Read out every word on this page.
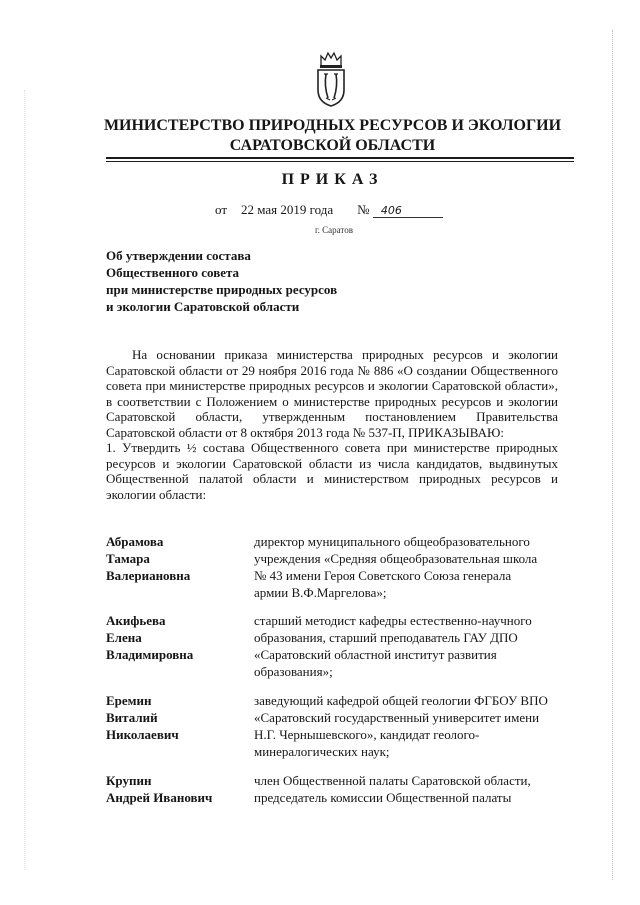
МИНИСТЕРСТВО ПРИРОДНЫХ РЕСУРСОВ И ЭКОЛОГИИ
САРАТОВСКОЙ ОБЛАСТИ
ПРИКАЗ
от 22 мая 2019 года № 406
г. Саратов
Об утверждении состава
Общественного совета
при министерстве природных ресурсов
и экологии Саратовской области

На основании приказа министерства природных ресурсов и экологии Саратовской области от 29 ноября 2016 года № 886 «О создании Общественного совета при министерстве природных ресурсов и экологии Саратовской области», в соответствии с Положением о министерстве природных ресурсов и экологии Саратовской области, утвержденным постановлением Правительства Саратовской области от 8 октября 2013 года № 537-П, ПРИКАЗЫВАЮ:

1. Утвердить ½ состава Общественного совета при министерстве природных ресурсов и экологии Саратовской области из числа кандидатов, выдвинутых Общественной палатой области и министерством природных ресурсов и экологии области:

Абрамова
Тамара
Валериановна
директор муниципального общеобразовательного
учреждения «Средняя общеобразовательная школа
№ 43 имени Героя Советского Союза генерала
армии В.Ф.Маргелова»;
Акифьева
Елена
Владимировна
старший методист кафедры естественно-научного
образования, старший преподаватель ГАУ ДПО
«Саратовский областной институт развития
образования»;
Еремин
Виталий
Николаевич
заведующий кафедрой общей геологии ФГБОУ ВПО
«Саратовский государственный университет имени
Н.Г. Чернышевского», кандидат геолого-
минералогических наук;
Крупин
Андрей Иванович
член Общественной палаты Саратовской области,
председатель комиссии Общественной палаты
